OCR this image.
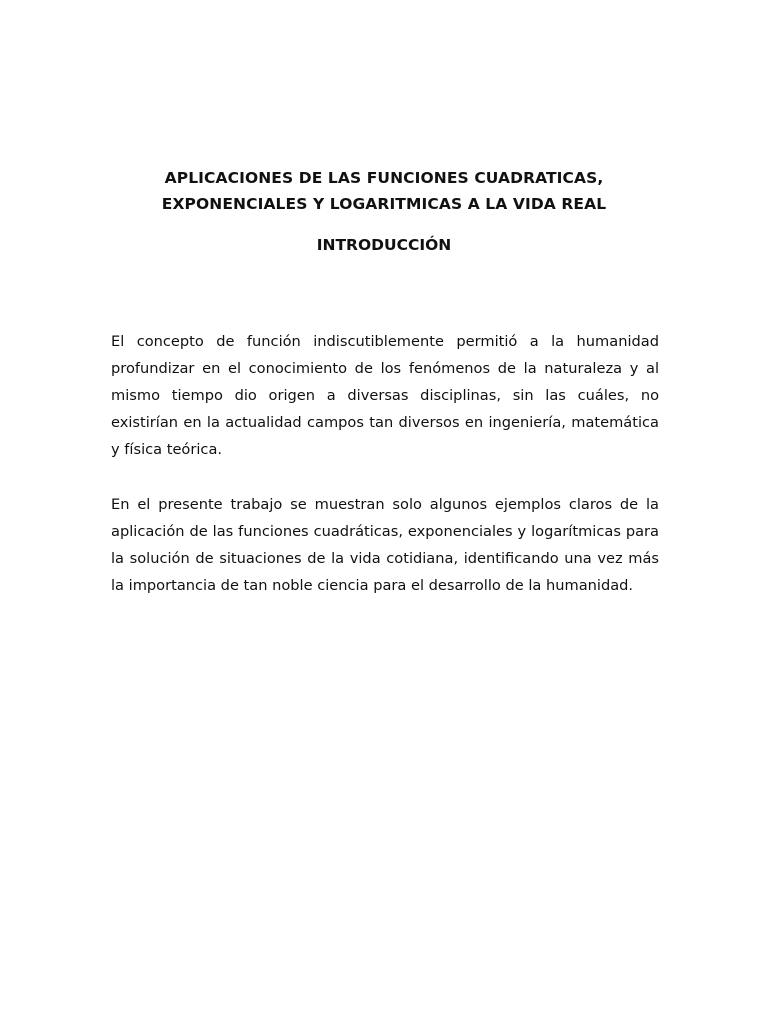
APLICACIONES DE LAS FUNCIONES CUADRATICAS,
EXPONENCIALES Y LOGARITMICAS A LA VIDA REAL
INTRODUCCIÓN

El concepto de función indiscutiblemente permitió a la humanidad profundizar en el conocimiento de los fenómenos de la naturaleza y al mismo tiempo dio origen a diversas disciplinas, sin las cuáles, no existirían en la actualidad campos tan diversos en ingeniería, matemática y física teórica.

En el presente trabajo se muestran solo algunos ejemplos claros de la aplicación de las funciones cuadráticas, exponenciales y logarítmicas para la solución de situaciones de la vida cotidiana, identificando una vez más la importancia de tan noble ciencia para el desarrollo de la humanidad.
